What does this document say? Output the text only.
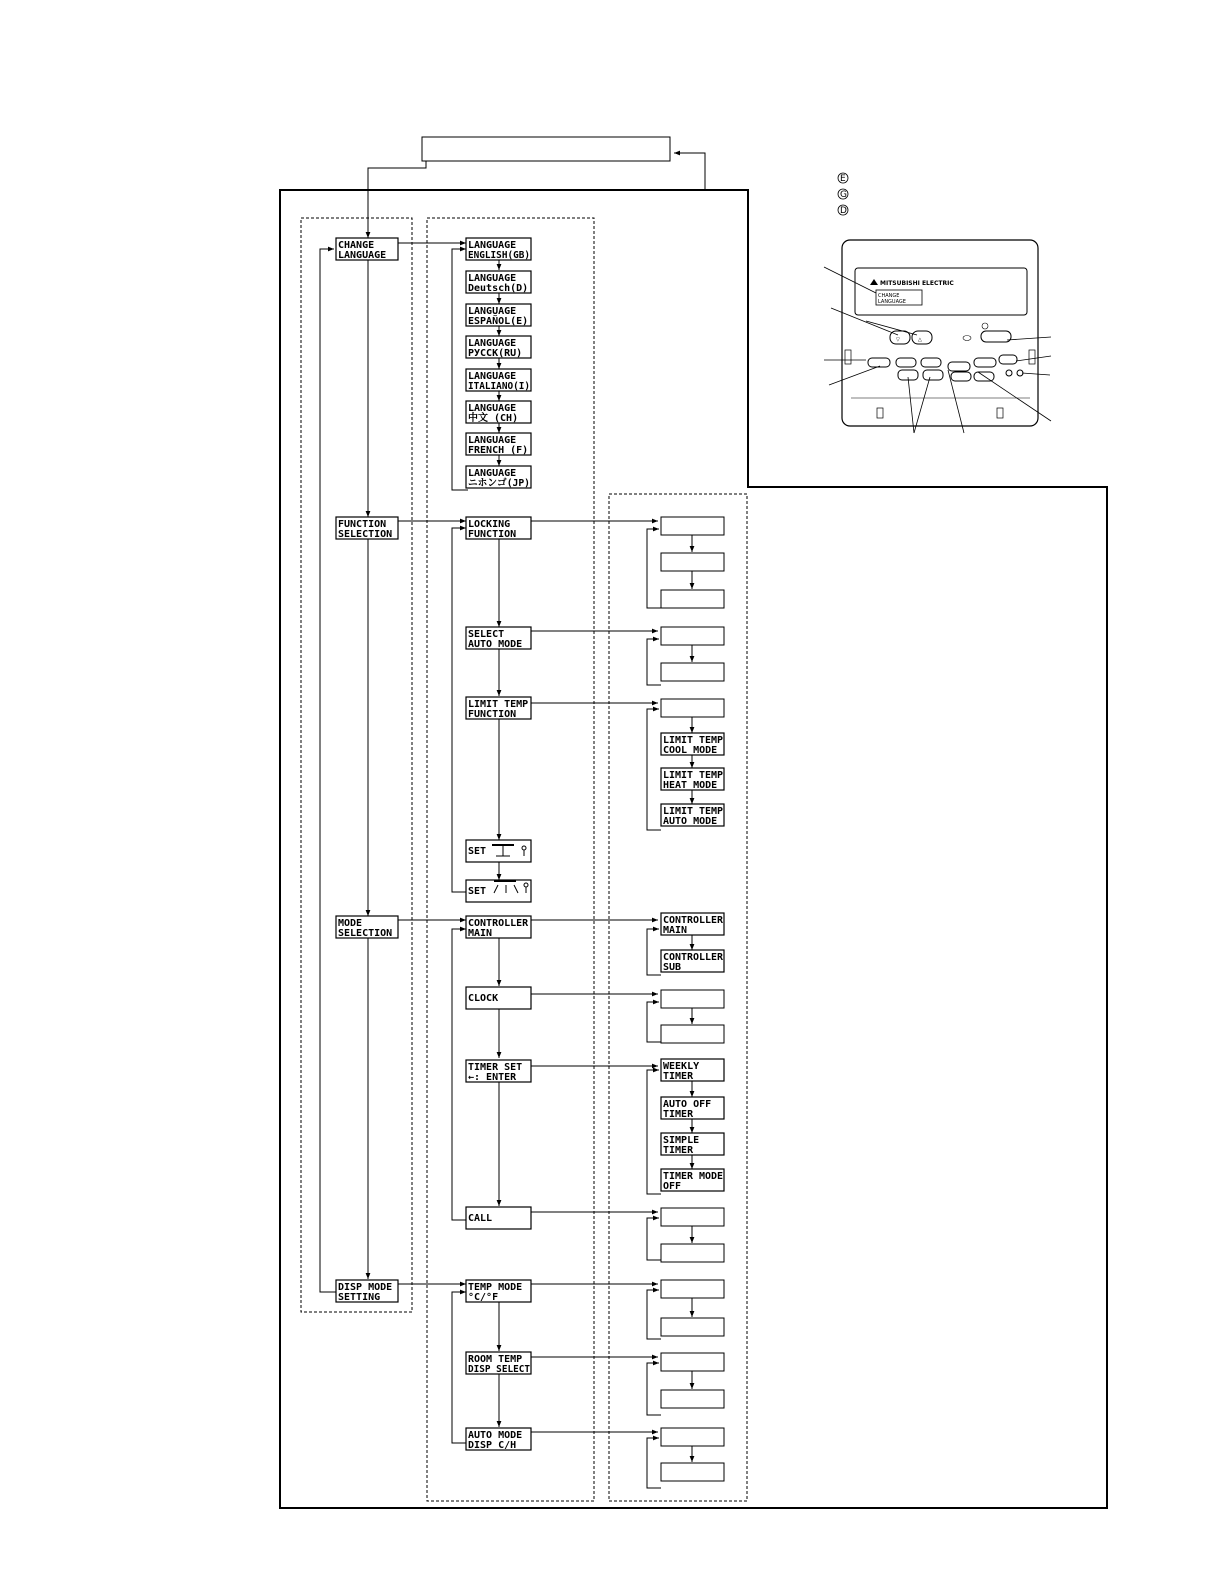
CHANGE
LANGUAGE
FUNCTION
SELECTION
MODE
SELECTION
DISP MODE
SETTING
LANGUAGE
ENGLISH(GB)
LANGUAGE
Deutsch(D)
LANGUAGE
ESPAÑOL(E)
LANGUAGE
РУССК(RU)
LANGUAGE
ITALIANO(I)
LANGUAGE
中文 (CH)
LANGUAGE
FRENCH (F)
LANGUAGE
ニホンゴ(JP)
LOCKING
FUNCTION
SELECT
AUTO MODE
LIMIT TEMP
FUNCTION
SET
SET
CONTROLLER
MAIN
CLOCK
TIMER SET
←: ENTER
CALL
TEMP MODE
°C/°F
ROOM TEMP
DISP SELECT
AUTO MODE
DISP C/H
LIMIT TEMP
COOL MODE
LIMIT TEMP
HEAT MODE
LIMIT TEMP
AUTO MODE
CONTROLLER
MAIN
CONTROLLER
SUB
WEEKLY
TIMER
AUTO OFF
TIMER
SIMPLE
TIMER
TIMER MODE
OFF
E
G
D
MITSUBISHI ELECTRIC
CHANGE
LANGUAGE
▽	△
